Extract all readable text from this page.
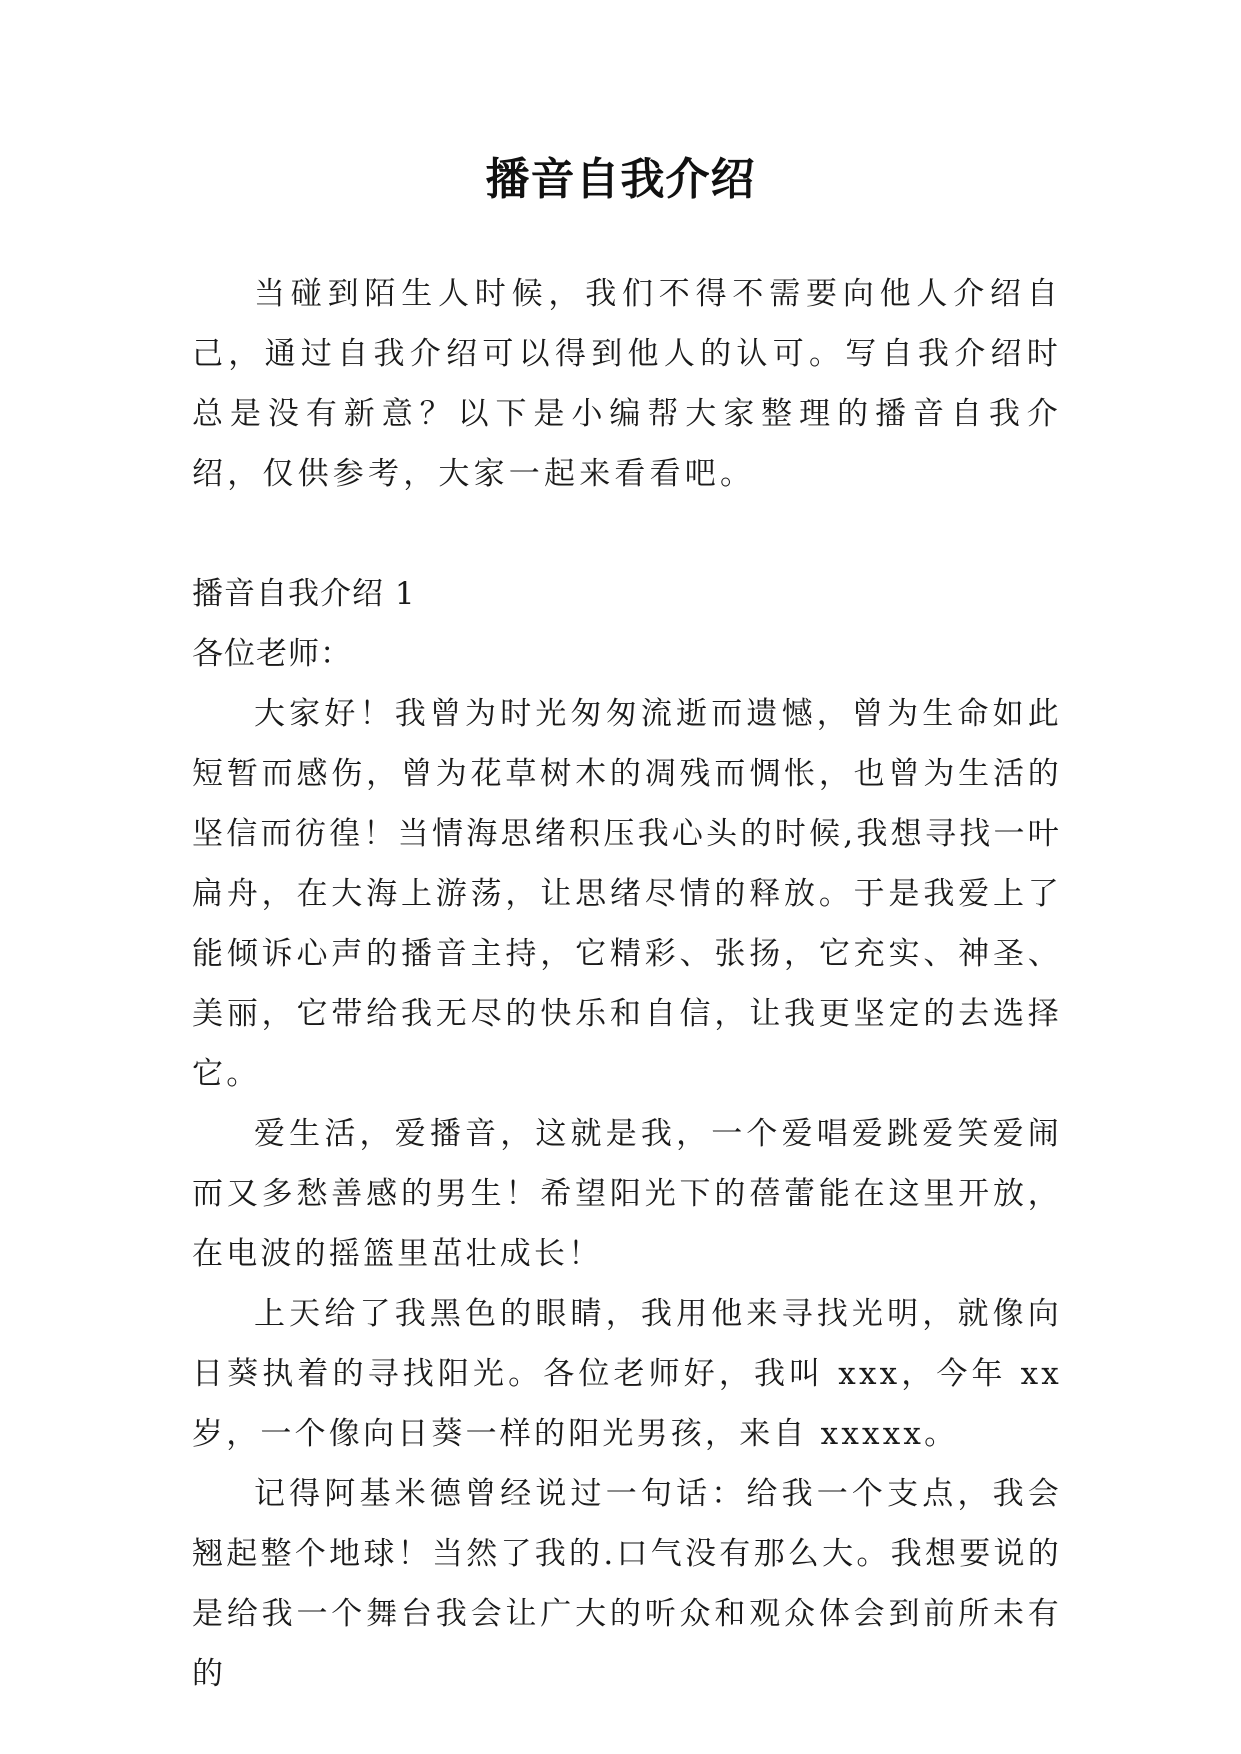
播音自我介绍

当碰到陌生人时候，我们不得不需要向他人介绍自己，通过自我介绍可以得到他人的认可。写自我介绍时总是没有新意？以下是小编帮大家整理的播音自我介绍，仅供参考，大家一起来看看吧。

播音自我介绍 1

各位老师：

大家好！我曾为时光匆匆流逝而遗憾，曾为生命如此短暂而感伤，曾为花草树木的凋残而惆怅，也曾为生活的坚信而彷徨！当情海思绪积压我心头的时候,我想寻找一叶扁舟，在大海上游荡，让思绪尽情的释放。于是我爱上了能倾诉心声的播音主持，它精彩、张扬，它充实、神圣、美丽，它带给我无尽的快乐和自信，让我更坚定的去选择它。

爱生活，爱播音，这就是我，一个爱唱爱跳爱笑爱闹而又多愁善感的男生！希望阳光下的蓓蕾能在这里开放，在电波的摇篮里茁壮成长！

上天给了我黑色的眼睛，我用他来寻找光明，就像向日葵执着的寻找阳光。各位老师好，我叫 xxx，今年 xx 岁，一个像向日葵一样的阳光男孩，来自 xxxxx。

记得阿基米德曾经说过一句话：给我一个支点，我会翘起整个地球！当然了我的.口气没有那么大。我想要说的是给我一个舞台我会让广大的听众和观众体会到前所未有的
